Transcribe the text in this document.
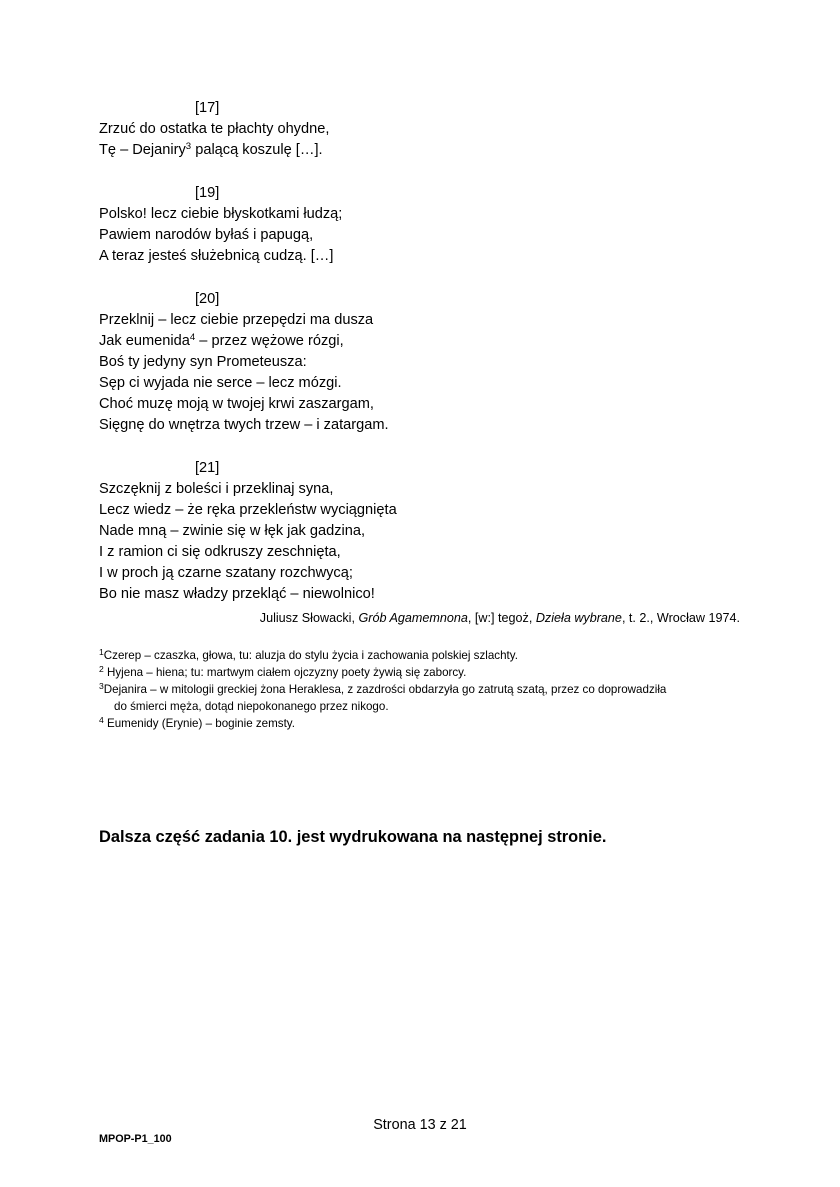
[17]
Zrzuć do ostatka te płachty ohydne,
Tę – Dejaniry$^3$ palącą koszulę […].
[19]
Polsko! lecz ciebie błyskotkami łudzą;
Pawiem narodów byłaś i papugą,
A teraz jesteś służebnicą cudzą. […]
[20]
Przeklnij – lecz ciebie przepędzi ma dusza
Jak eumenida$^4$ – przez wężowe rózgi,
Boś ty jedyny syn Prometeusza:
Sęp ci wyjada nie serce – lecz mózgi.
Choć muzę moją w twojej krwi zaszargam,
Sięgnę do wnętrza twych trzew – i zatargam.
[21]
Szczęknij z boleści i przeklinaj syna,
Lecz wiedz – że ręka przekleństw wyciągnięta
Nade mną – zwinie się w łęk jak gadzina,
I z ramion ci się odkruszy zeschnięta,
I w proch ją czarne szatany rozchwycą;
Bo nie masz władzy przekląć – niewolnico!
Juliusz Słowacki, Grób Agamemnona, [w:] tegoż, Dzieła wybrane, t. 2., Wrocław 1974.

$^1$Czerep – czaszka, głowa, tu: aluzja do stylu życia i zachowania polskiej szlachty.

$^2$ Hyjena – hiena; tu: martwym ciałem ojczyzny poety żywią się zaborcy.

$^3$Dejanira – w mitologii greckiej żona Heraklesa, z zazdrości obdarzyła go zatrutą szatą, przez co doprowadziła
do śmierci męża, dotąd niepokonanego przez nikogo.

$^4$ Eumenidy (Erynie) – boginie zemsty.

Dalsza część zadania 10. jest wydrukowana na następnej stronie.
Strona 13 z 21
MPOP-P1_100
